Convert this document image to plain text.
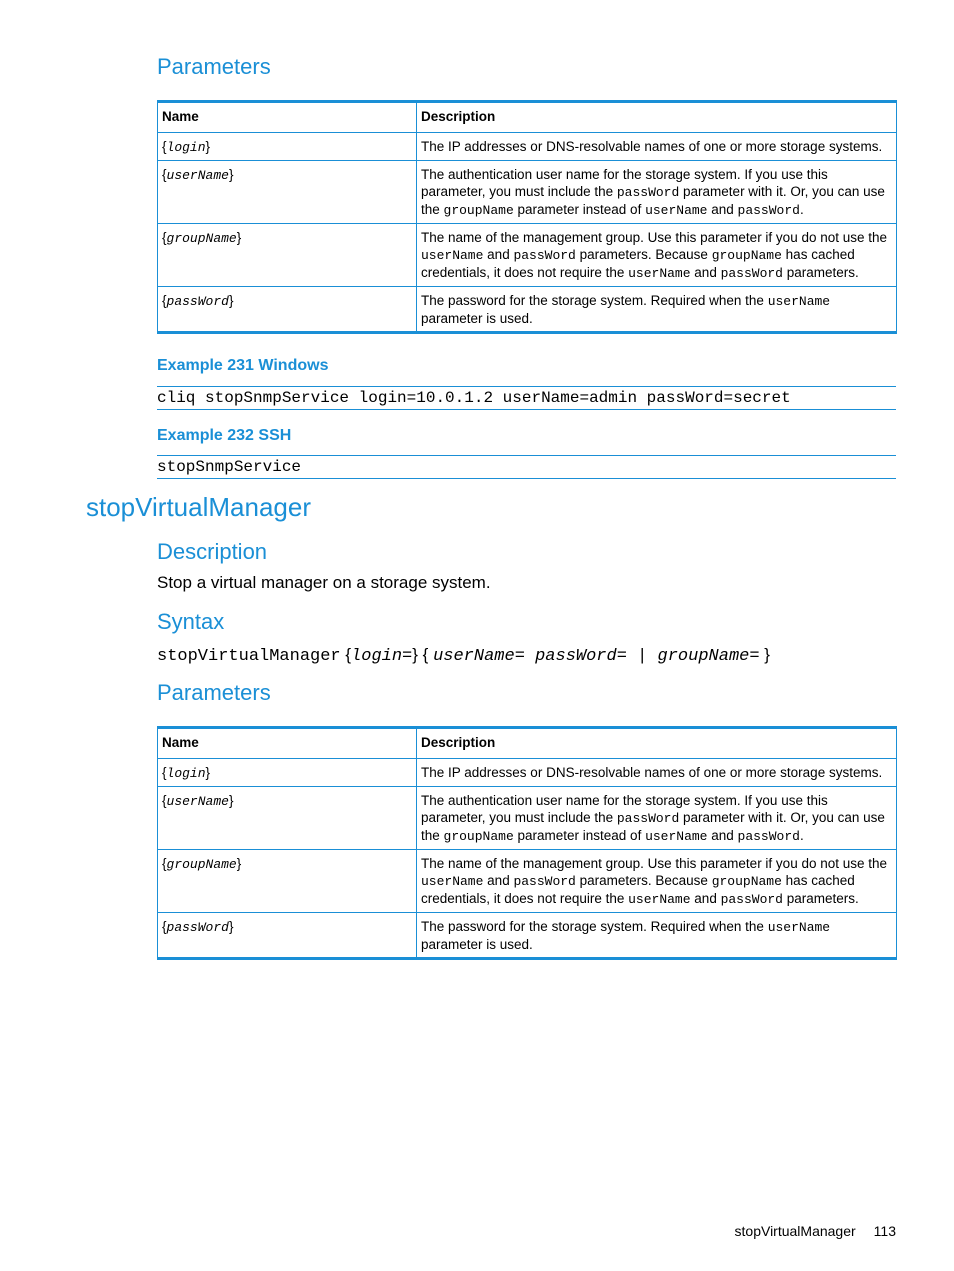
Parameters
Name	Description
{login}	The IP addresses or DNS-resolvable names of one or more storage systems.
{userName}	The authentication user name for the storage system. If you use this parameter, you must include the passWord parameter with it. Or, you can use the groupName parameter instead of userName and passWord.
{groupName}	The name of the management group. Use this parameter if you do not use the userName and passWord parameters. Because groupName has cached credentials, it does not require the userName and passWord parameters.
{passWord}	The password for the storage system. Required when the userName parameter is used.
Example 231 Windows
cliq stopSnmpService login=10.0.1.2 userName=admin passWord=secret
Example 232 SSH
stopSnmpService
stopVirtualManager
Description
Stop a virtual manager on a storage system.
Syntax
stopVirtualManager {login=} { userName= passWord= | groupName= }
Parameters
Name	Description
{login}	The IP addresses or DNS-resolvable names of one or more storage systems.
{userName}	The authentication user name for the storage system. If you use this parameter, you must include the passWord parameter with it. Or, you can use the groupName parameter instead of userName and passWord.
{groupName}	The name of the management group. Use this parameter if you do not use the userName and passWord parameters. Because groupName has cached credentials, it does not require the userName and passWord parameters.
{passWord}	The password for the storage system. Required when the userName parameter is used.
stopVirtualManager 113
